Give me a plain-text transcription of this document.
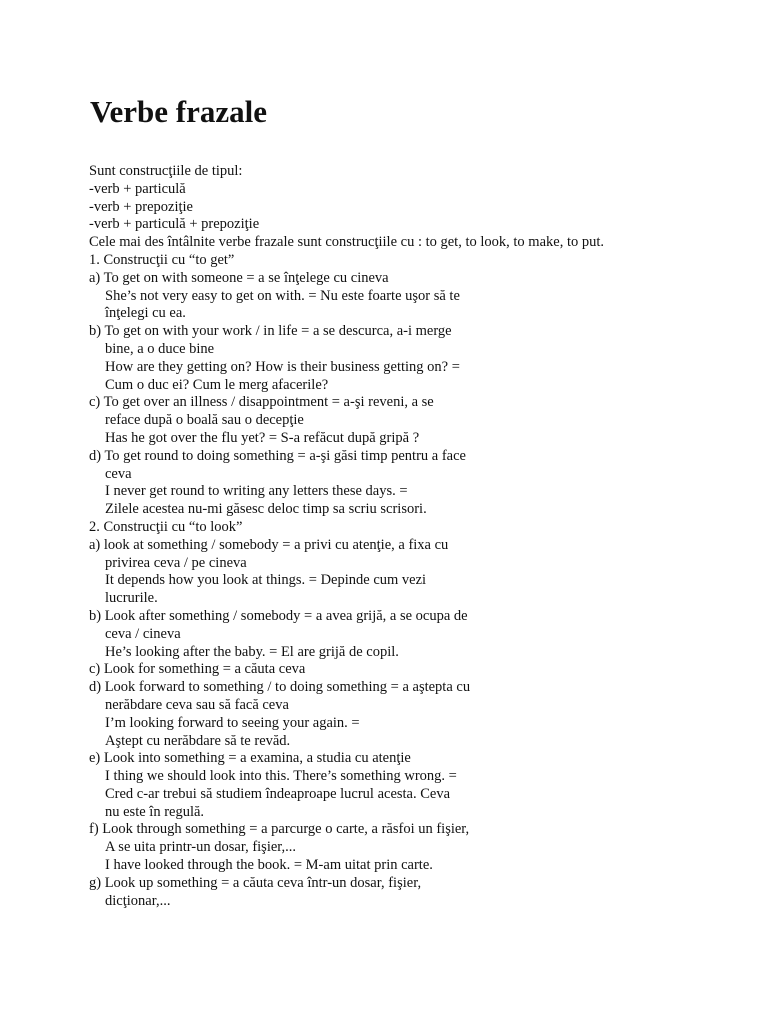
Verbe frazale
Sunt construcţiile de tipul:
-verb + particulă
-verb + prepoziţie
-verb + particulă + prepoziţie
Cele mai des întâlnite verbe frazale sunt construcţiile cu : to get, to look, to make, to put.
1. Construcţii cu “to get”
a) To get on with someone = a se înţelege cu cineva
She’s not very easy to get on with. = Nu este foarte uşor să te
înţelegi cu ea.
b) To get on with your work / in life = a se descurca, a-i merge
bine, a o duce bine
How are they getting on? How is their business getting on? =
Cum o duc ei? Cum le merg afacerile?
c) To get over an illness / disappointment = a-şi reveni, a se
reface după o boală sau o decepţie
Has he got over the flu yet? = S-a refăcut după gripă ?
d) To get round to doing something = a-şi găsi timp pentru a face
ceva
I never get round to writing any letters these days. =
Zilele acestea nu-mi găsesc deloc timp sa scriu scrisori.
2. Construcţii cu “to look”
a) look at something / somebody = a privi cu atenţie, a fixa cu
privirea ceva / pe cineva
It depends how you look at things. = Depinde cum vezi
lucrurile.
b) Look after something / somebody = a avea grijă, a se ocupa de
ceva / cineva
He’s looking after the baby. = El are grijă de copil.
c) Look for something = a căuta ceva
d) Look forward to something / to doing something = a aştepta cu
nerăbdare ceva sau să facă ceva
I’m looking forward to seeing your again. =
Aştept cu nerăbdare să te revăd.
e) Look into something = a examina, a studia cu atenţie
I thing we should look into this. There’s something wrong. =
Cred c-ar trebui să studiem îndeaproape lucrul acesta. Ceva
nu este în regulă.
f) Look through something = a parcurge o carte, a răsfoi un fişier,
A se uita printr-un dosar, fişier,...
I have looked through the book. = M-am uitat prin carte.
g) Look up something = a căuta ceva într-un dosar, fişier,
dicţionar,...
